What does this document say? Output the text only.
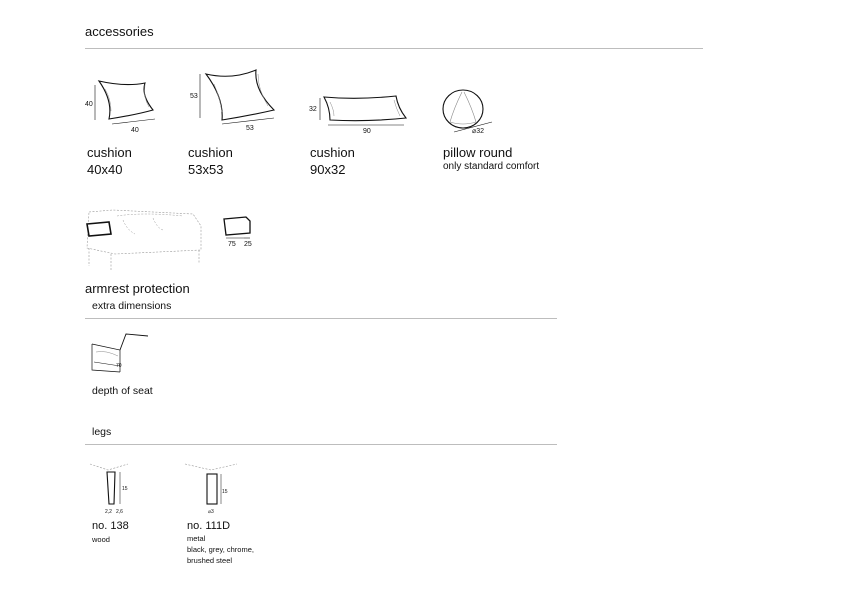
accessories
40
40
cushion
40x40
53
53
cushion
53x53
32
90
cushion
90x32
⌀32
pillow round
only standard comfort
75 25
armrest protection
extra dimensions
70
depth of seat
legs
15
2,2 2,6
no. 138
wood
15
⌀3
no. 111D
metal
black, grey, chrome,
brushed steel
